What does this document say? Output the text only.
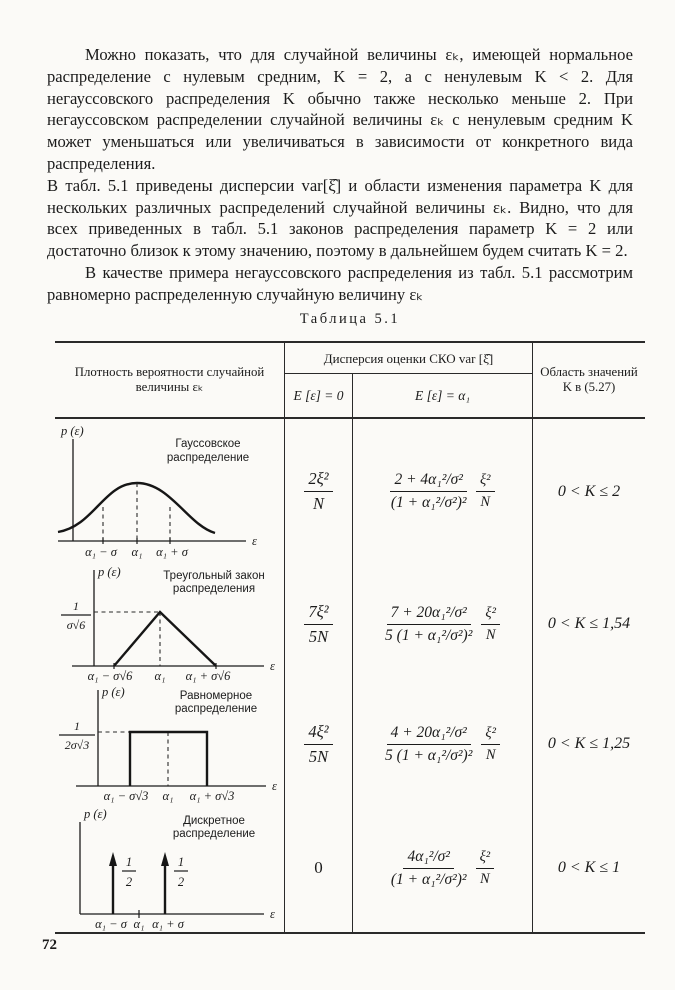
Можно показать, что для случайной величины εₖ, имеющей нормальное распределение с нулевым средним, K = 2, а с ненулевым K < 2. Для негауссовского распределения K обычно также несколько меньше 2. При негауссовском распределении случайной величины εₖ с ненулевым средним K может уменьшаться или увеличиваться в зависимости от конкретного вида распределения.

В табл. 5.1 приведены дисперсии var[ξ̂] и области изменения параметра K для нескольких различных распределений случайной величины εₖ. Видно, что для всех приведенных в табл. 5.1 законов распределения параметр K = 2 или достаточно близок к этому значению, поэтому в дальнейшем будем считать K = 2.

В качестве примера негауссовского распределения из табл. 5.1 рассмотрим равномерно распределенную случайную величину εₖ

Таблица 5.1
Плотность вероятности случайной величины εₖ
Дисперсия оценки СКО var [ξ̂]
E [ε] = 0	E [ε] = α₁
Область значений K в (5.27)
p (ε)
α₁ − σ α₁ α₁ + σ
ε
Гауссовское
распределение
$\frac{\text{2ξ²}}{N}$	$\frac{\text{2 + 4α₁²/σ²}}{\text{(1 + α₁²/σ²)²}} \frac{\text{ξ²}}{N}$	0 < K ≤ 2
p (ε)
1
σ√6
α₁ − σ√6 α₁ α₁ + σ√6
ε
Треугольный закон
распределения
$\frac{\text{7ξ²}}{5N}$	$\frac{\text{7 + 20α₁²/σ²}}{\text{5 (1 + α₁²/σ²)²}} \frac{\text{ξ²}}{N}$	0 < K ≤ 1,54
p (ε)
1
2σ√3
α₁ − σ√3 α₁ α₁ + σ√3
ε
Равномерное
распределение
$\frac{\text{4ξ²}}{5N}$	$\frac{\text{4 + 20α₁²/σ²}}{\text{5 (1 + α₁²/σ²)²}} \frac{\text{ξ²}}{N}$	0 < K ≤ 1,25
p (ε)
1
2
1
2
α₁ − σ α₁ α₁ + σ
ε
Дискретное
распределение
0	$\frac{\text{4α₁²/σ²}}{\text{(1 + α₁²/σ²)²}} \frac{\text{ξ²}}{N}$	0 < K ≤ 1
72
